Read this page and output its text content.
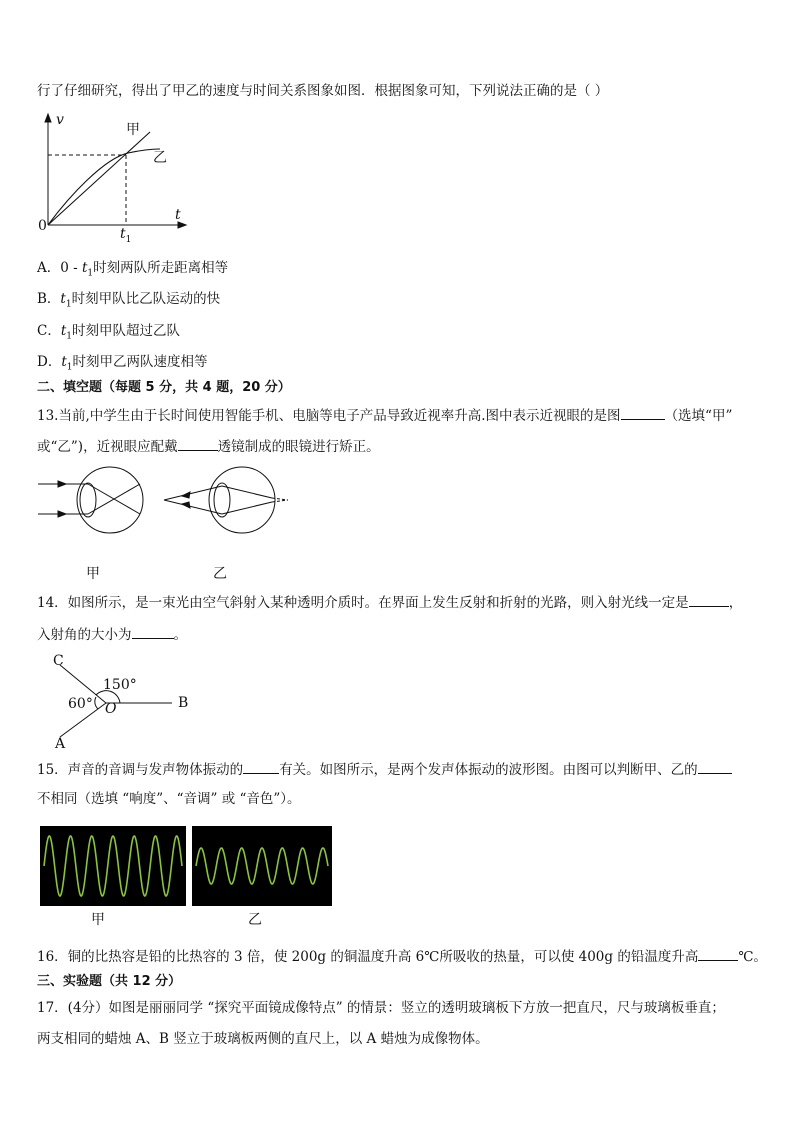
行了仔细研究，得出了甲乙的速度与时间关系图象如图．根据图象可知，下列说法正确的是（ ）
v
甲
乙
t
0	$t_1$
A．$0 - t_1$时刻两队所走距离相等
B．$t_1$时刻甲队比乙队运动的快
C．$t_1$时刻甲队超过乙队
D．$t_1$时刻甲乙两队速度相等
二、填空题（每题 5 分，共 4 题，20 分）
13.当前,中学生由于长时间使用智能手机、电脑等电子产品导致近视率升高.图中表示近视眼的是图	（选填“甲”
或“乙”)，近视眼应配戴	透镜制成的眼镜进行矫正。
甲	乙
14．如图所示，是一束光由空气斜射入某种透明介质时。在界面上发生反射和折射的光路，则入射光线一定是	，
入射角的大小为	。
C
150°
60° O	B
A
15．声音的音调与发声物体振动的	有关。如图所示，是两个发声体振动的波形图。由图可以判断甲、乙的
不相同（选填 “响度”、“音调” 或 “音色”）。
甲	乙
16．铜的比热容是铅的比热容的 3 倍，使 200g 的铜温度升高 6℃所吸收的热量，可以使 400g 的铅温度升高	℃。
三、实验题（共 12 分）
17．(4分）如图是丽丽同学 “探究平面镜成像特点” 的情景：竖立的透明玻璃板下方放一把直尺，尺与玻璃板垂直；
两支相同的蜡烛 A、B 竖立于玻璃板两侧的直尺上，以 A 蜡烛为成像物体。
